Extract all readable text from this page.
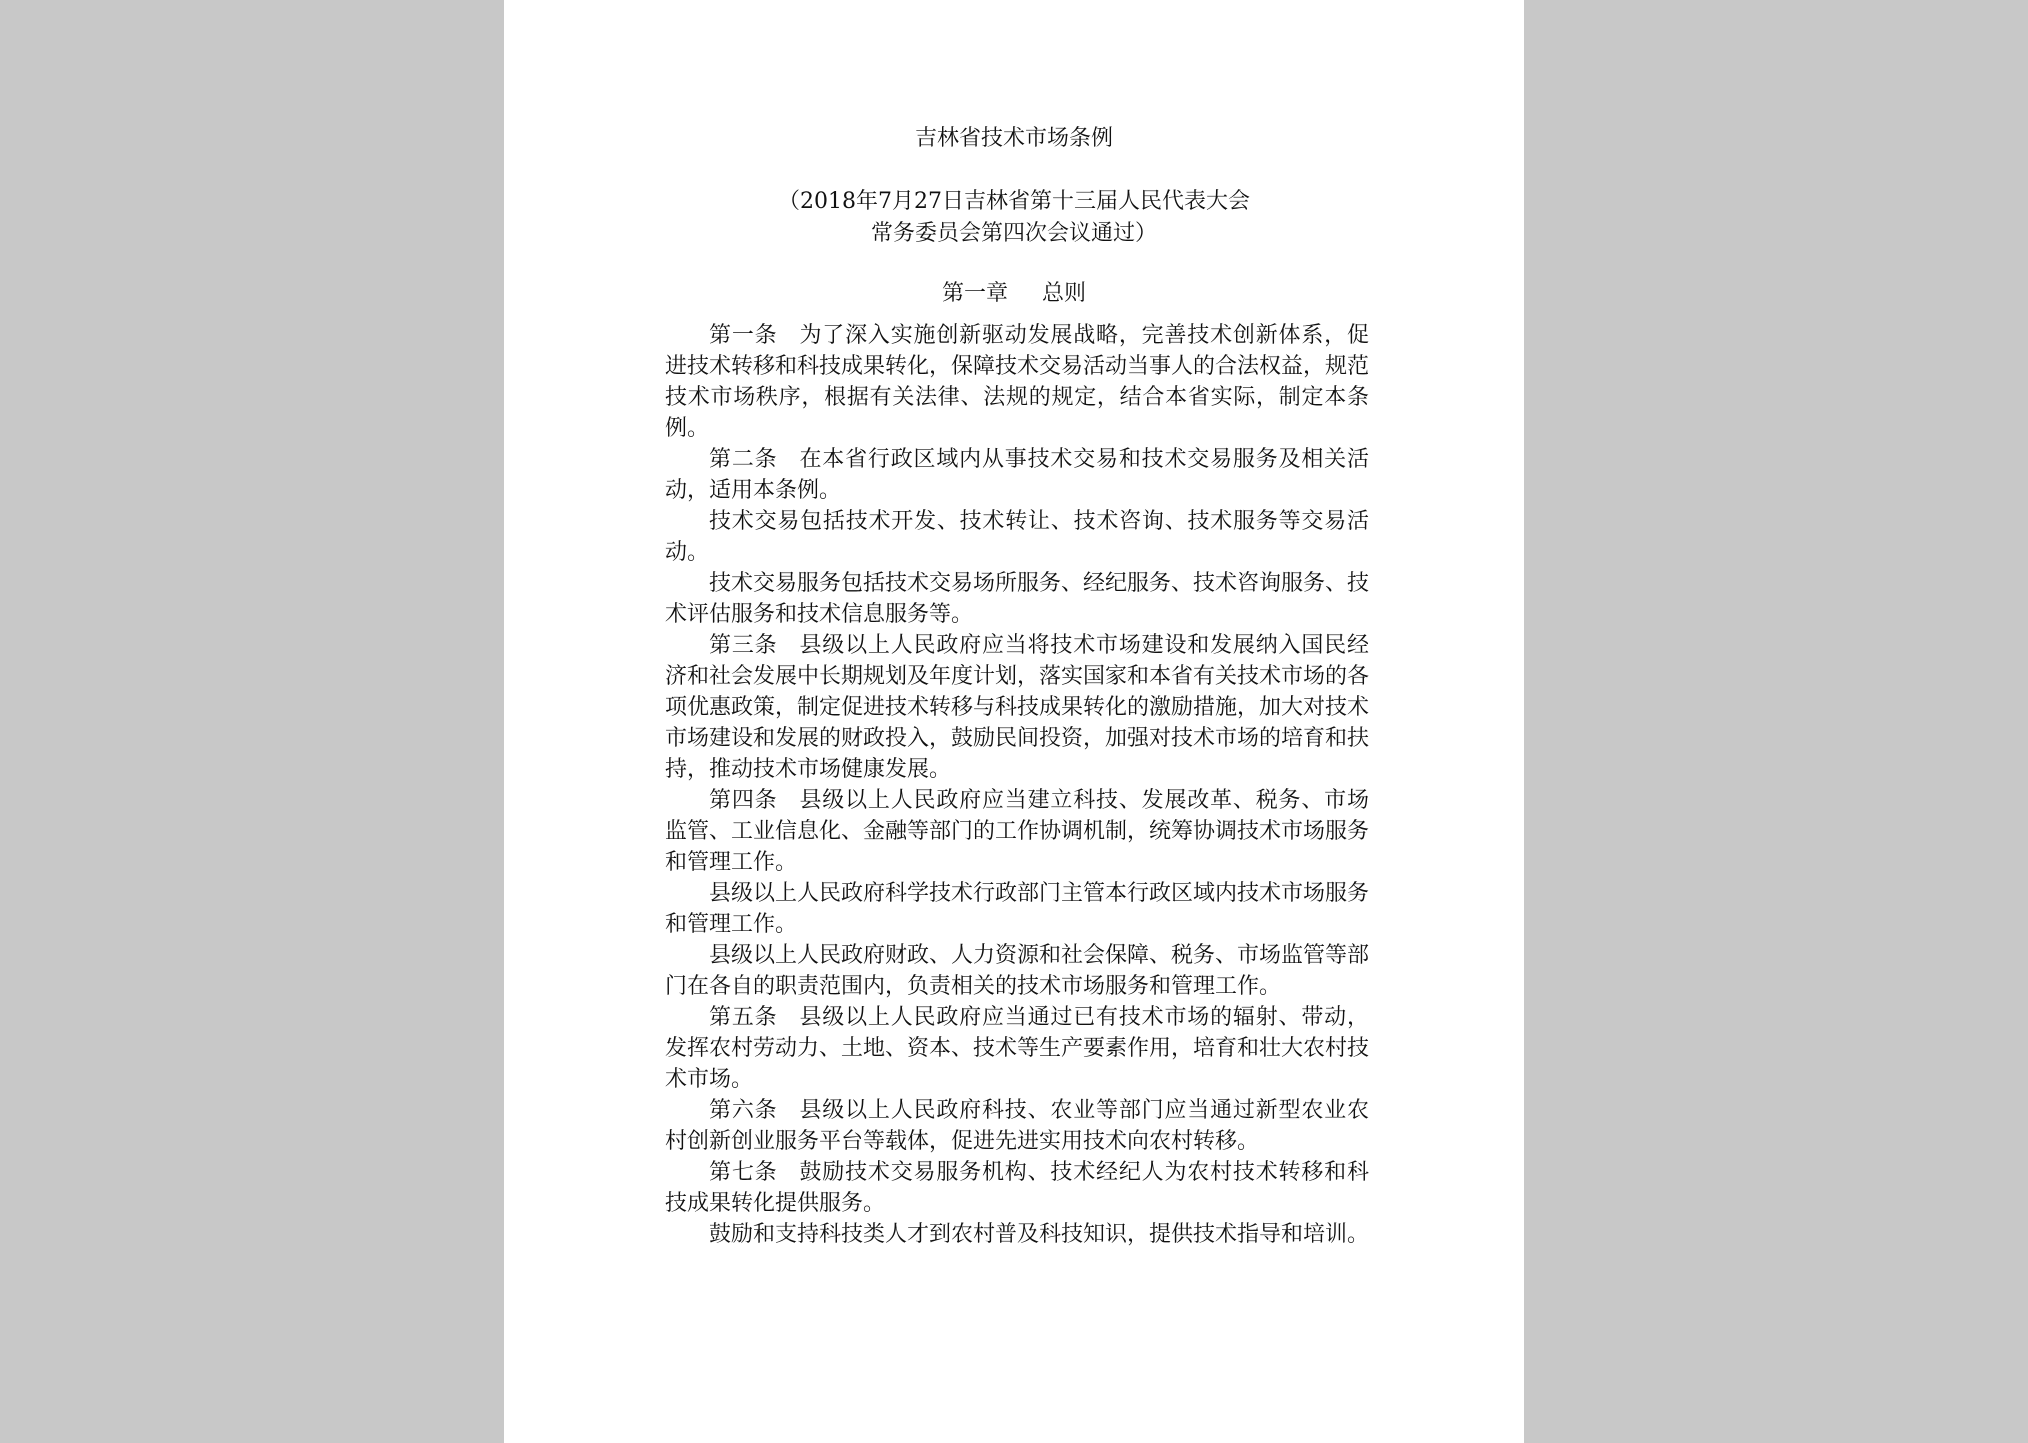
吉林省技术市场条例
（2018年7月27日吉林省第十三届人民代表大会
常务委员会第四次会议通过）
第一章 总则

第一条 为了深入实施创新驱动发展战略，完善技术创新体系，促进技术转移和科技成果转化，保障技术交易活动当事人的合法权益，规范技术市场秩序，根据有关法律、法规的规定，结合本省实际，制定本条例。

第二条 在本省行政区域内从事技术交易和技术交易服务及相关活动，适用本条例。

技术交易包括技术开发、技术转让、技术咨询、技术服务等交易活动。

技术交易服务包括技术交易场所服务、经纪服务、技术咨询服务、技术评估服务和技术信息服务等。

第三条 县级以上人民政府应当将技术市场建设和发展纳入国民经济和社会发展中长期规划及年度计划，落实国家和本省有关技术市场的各项优惠政策，制定促进技术转移与科技成果转化的激励措施，加大对技术市场建设和发展的财政投入，鼓励民间投资，加强对技术市场的培育和扶持，推动技术市场健康发展。

第四条 县级以上人民政府应当建立科技、发展改革、税务、市场监管、工业信息化、金融等部门的工作协调机制，统筹协调技术市场服务和管理工作。

县级以上人民政府科学技术行政部门主管本行政区域内技术市场服务和管理工作。

县级以上人民政府财政、人力资源和社会保障、税务、市场监管等部门在各自的职责范围内，负责相关的技术市场服务和管理工作。

第五条 县级以上人民政府应当通过已有技术市场的辐射、带动，发挥农村劳动力、土地、资本、技术等生产要素作用，培育和壮大农村技术市场。

第六条 县级以上人民政府科技、农业等部门应当通过新型农业农村创新创业服务平台等载体，促进先进实用技术向农村转移。

第七条 鼓励技术交易服务机构、技术经纪人为农村技术转移和科技成果转化提供服务。

鼓励和支持科技类人才到农村普及科技知识，提供技术指导和培训。
